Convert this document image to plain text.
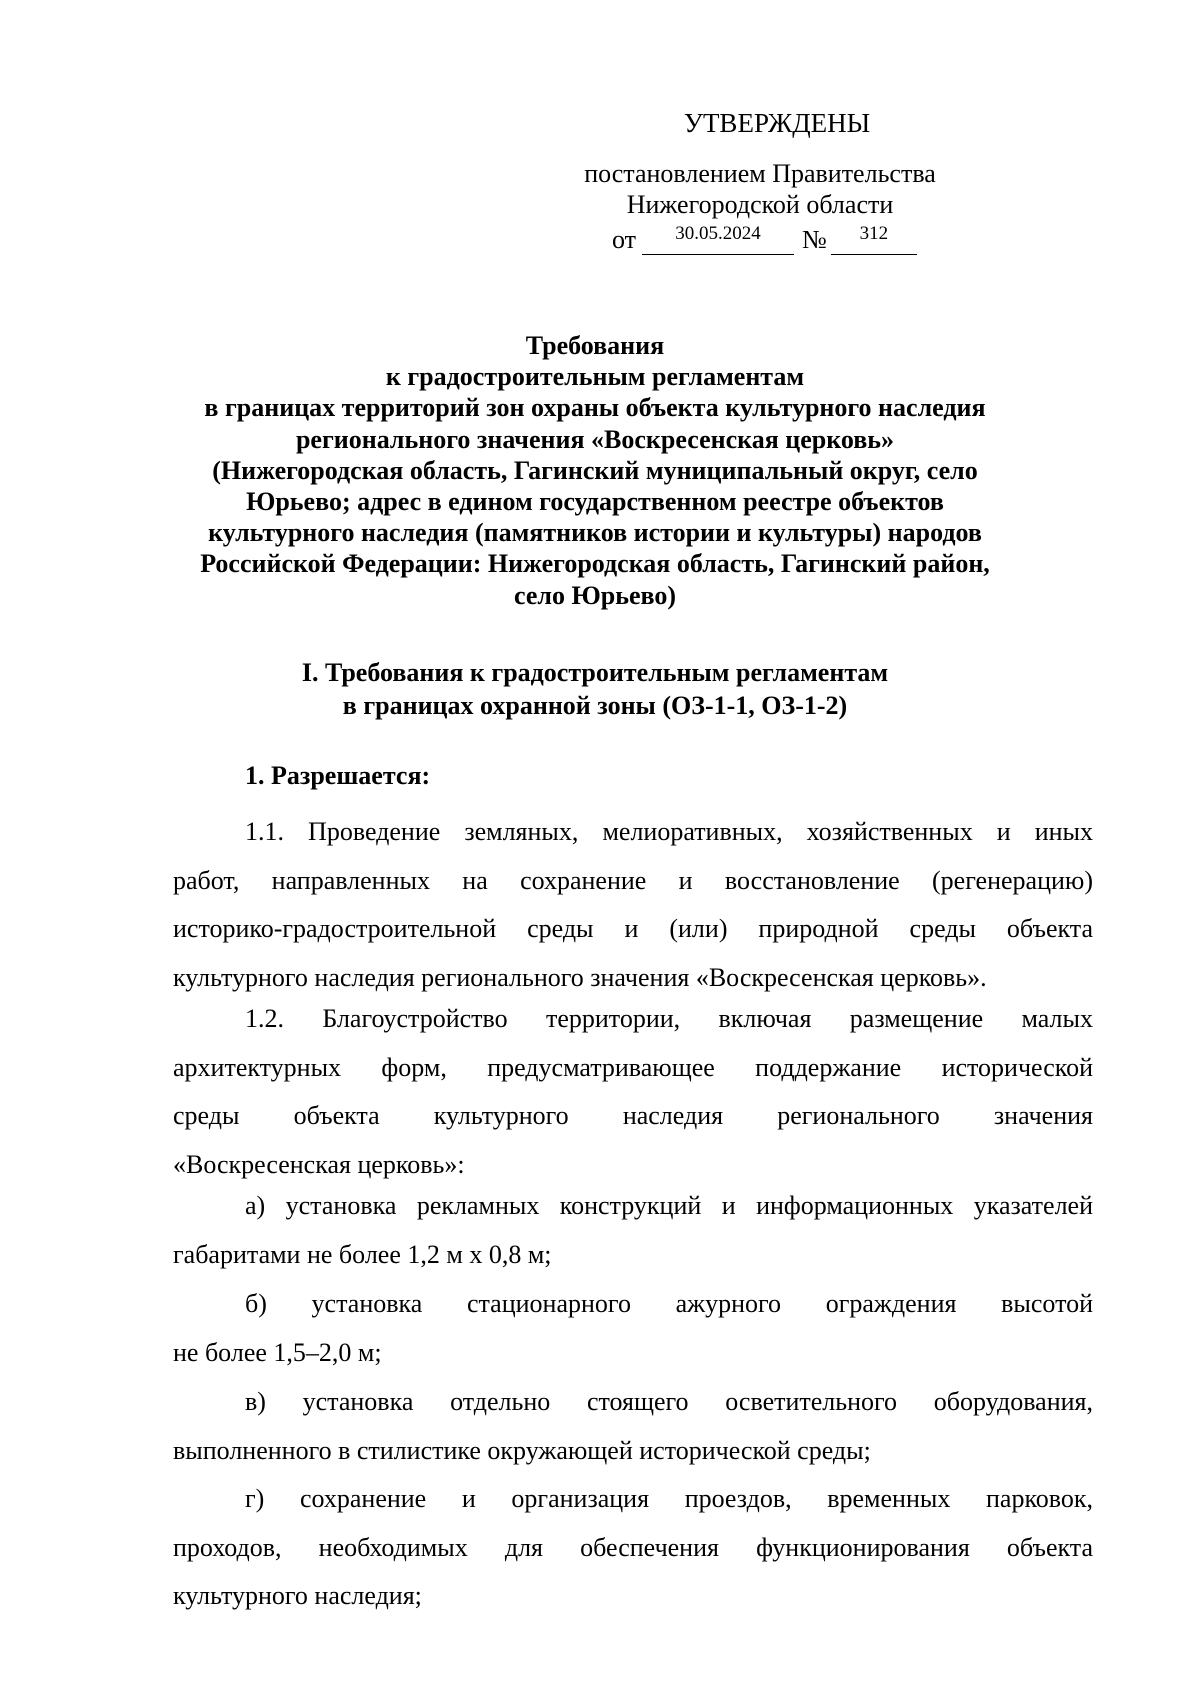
УТВЕРЖДЕНЫ
постановлением Правительства
Нижегородской области
от	30.05.2024	№	312
Требования
к градостроительным регламентам
в границах территорий зон охраны объекта культурного наследия
регионального значения «Воскресенская церковь»
(Нижегородская область, Гагинский муниципальный округ, село
Юрьево; адрес в едином государственном реестре объектов
культурного наследия (памятников истории и культуры) народов
Российской Федерации: Нижегородская область, Гагинский район,
село Юрьево)
I. Требования к градостроительным регламентам
в границах охранной зоны (ОЗ-1-1, ОЗ-1-2)
1. Разрешается:
1.1. Проведение земляных, мелиоративных, хозяйственных и иных
работ, направленных на сохранение и восстановление (регенерацию)
историко-градостроительной среды и (или) природной среды объекта
культурного наследия регионального значения «Воскресенская церковь».
1.2. Благоустройство территории, включая размещение малых
архитектурных форм, предусматривающее поддержание исторической
среды объекта культурного наследия регионального значения
«Воскресенская церковь»:
а) установка рекламных конструкций и информационных указателей
габаритами не более 1,2 м х 0,8 м;
б) установка стационарного ажурного ограждения высотой
не более 1,5–2,0 м;
в) установка отдельно стоящего осветительного оборудования,
выполненного в стилистике окружающей исторической среды;
г) сохранение и организация проездов, временных парковок,
проходов, необходимых для обеспечения функционирования объекта
культурного наследия;
